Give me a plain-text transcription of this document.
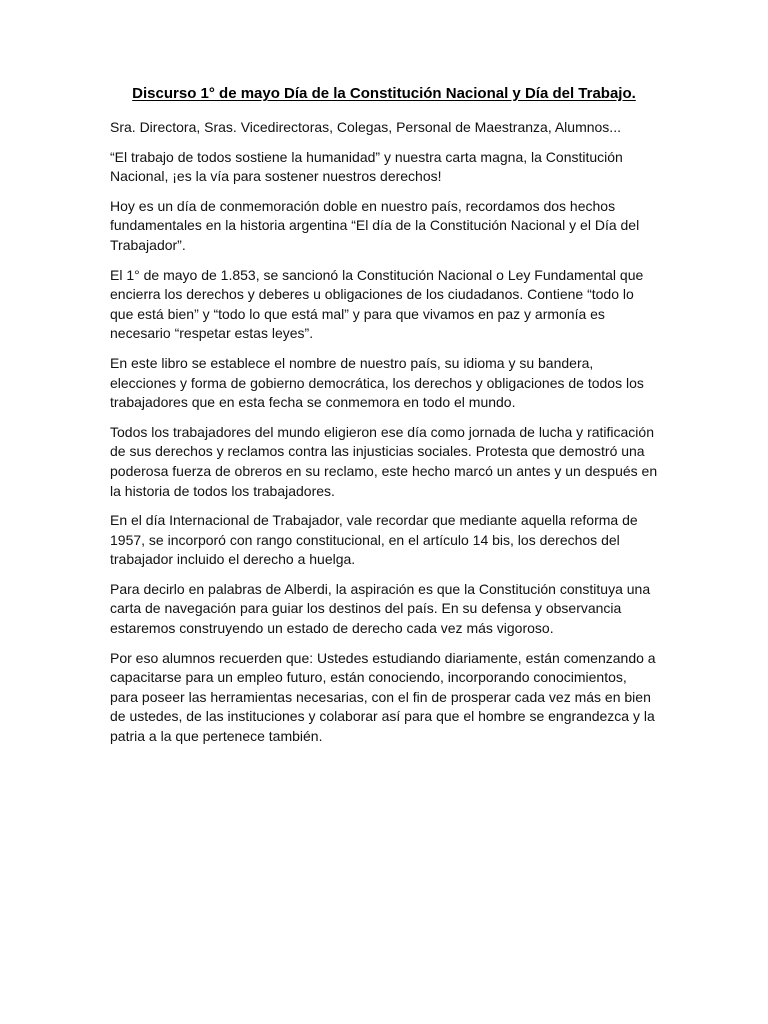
Discurso 1° de mayo Día de la Constitución Nacional y Día del Trabajo.

Sra. Directora, Sras. Vicedirectoras, Colegas, Personal de Maestranza, Alumnos...

“El trabajo de todos sostiene la humanidad” y nuestra carta magna, la Constitución Nacional, ¡es la vía para sostener nuestros derechos!

Hoy es un día de conmemoración doble en nuestro país, recordamos dos hechos fundamentales en la historia argentina “El día de la Constitución Nacional y el Día del Trabajador”.

El 1° de mayo de 1.853, se sancionó la Constitución Nacional o Ley Fundamental que encierra los derechos y deberes u obligaciones de los ciudadanos. Contiene “todo lo que está bien” y “todo lo que está mal” y para que vivamos en paz y armonía es necesario “respetar estas leyes”.

En este libro se establece el nombre de nuestro país, su idioma y su bandera, elecciones y forma de gobierno democrática, los derechos y obligaciones de todos los trabajadores que en esta fecha se conmemora en todo el mundo.

Todos los trabajadores del mundo eligieron ese día como jornada de lucha y ratificación de sus derechos y reclamos contra las injusticias sociales. Protesta que demostró una poderosa fuerza de obreros en su reclamo, este hecho marcó un antes y un después en la historia de todos los trabajadores.

En el día Internacional de Trabajador, vale recordar que mediante aquella reforma de 1957, se incorporó con rango constitucional, en el artículo 14 bis, los derechos del trabajador incluido el derecho a huelga.

Para decirlo en palabras de Alberdi, la aspiración es que la Constitución constituya una carta de navegación para guiar los destinos del país. En su defensa y observancia estaremos construyendo un estado de derecho cada vez más vigoroso.

Por eso alumnos recuerden que: Ustedes estudiando diariamente, están comenzando a capacitarse para un empleo futuro, están conociendo, incorporando conocimientos, para poseer las herramientas necesarias, con el fin de prosperar cada vez más en bien de ustedes, de las instituciones y colaborar así para que el hombre se engrandezca y la patria a la que pertenece también.
